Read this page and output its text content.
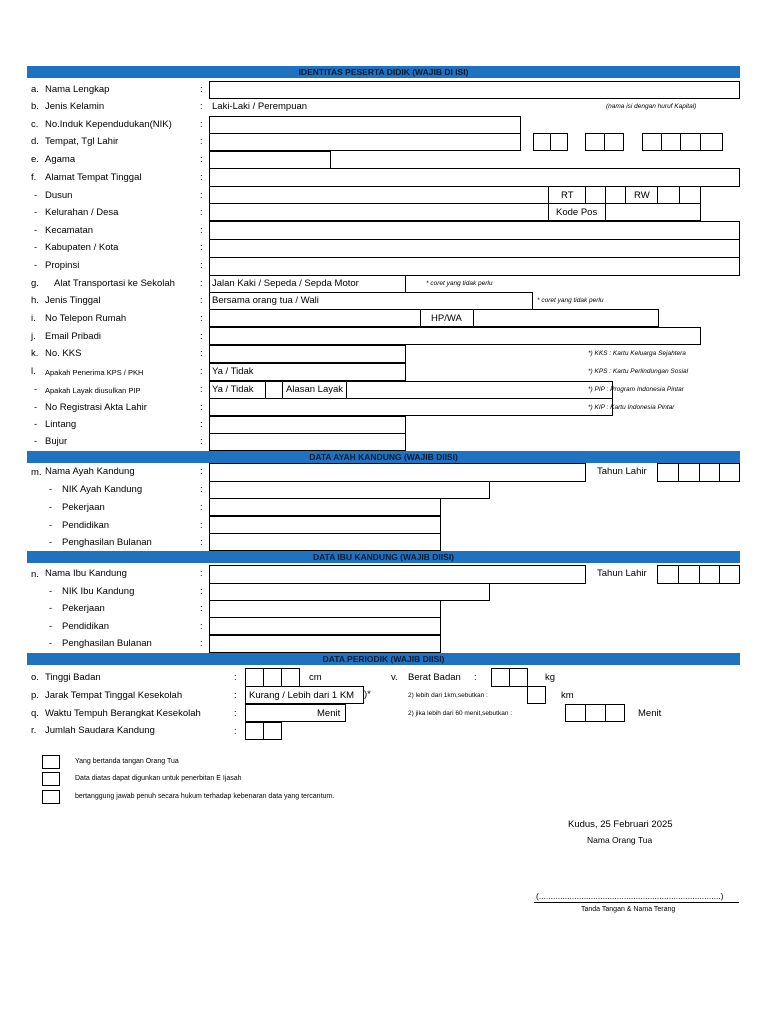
IDENTITAS PESERTA DIDIK (WAJIB DI ISI)
a. Nama Lengkap	:
b. Jenis Kelamin	: Laki-Laki / Perempuan	(nama isi dengan huruf Kapital)
c. No.Induk Kependudukan(NIK)	:
d. Tempat, Tgl Lahir	:
e. Agama	:
f. Alamat Tempat Tinggal	:
- Dusun	:	RT	RW
- Kelurahan / Desa	:	Kode Pos
- Kecamatan	:
- Kabupaten / Kota	:
- Propinsi	:
g. Alat Transportasi ke Sekolah	: Jalan Kaki / Sepeda / Sepda Motor	* coret yang tidak perlu
h. Jenis Tinggal	: Bersama orang tua / Wali	* coret yang tidak perlu
i. No Telepon Rumah	:	HP/WA
j. Email Pribadi	:
k. No. KKS	:	*) KKS : Kartu Keluarga Sejahtera
l. Apakah Penerima KPS / PKH	: Ya / Tidak	*) KPS : Kartu Perlindungan Sosial
- Apakah Layak diusulkan PIP	: Ya / Tidak	Alasan Layak	*) PIP : Program Indonesia Pintar
- No Registrasi Akta Lahir	:	*) KIP : Kartu Indonesia Pintar
- Lintang	:
- Bujur	:
DATA AYAH KANDUNG (WAJIB DIISI)
m. Nama Ayah Kandung	:	Tahun Lahir
- NIK Ayah Kandung	:
- Pekerjaan	:
- Pendidikan	:
- Penghasilan Bulanan	:
DATA IBU KANDUNG (WAJIB DIISI)
n. Nama Ibu Kandung	:	Tahun Lahir
- NIK Ibu Kandung	:
- Pekerjaan	:
- Pendidikan	:
- Penghasilan Bulanan	:
DATA PERIODIK (WAJIB DIISI)
o. Tinggi Badan	:	cm	v. Berat Badan :	kg
p. Jarak Tempat Tinggal Kesekolah	: Kurang / Lebih dari 1 KM )*	2) lebih dari 1km,sebutkan :	km
q. Waktu Tempuh Berangkat Kesekolah	:	Menit	2) jika lebih dari 60 menit,sebutkan :	Menit
r. Jumlah Saudara Kandung	:
Yang bertanda tangan Orang Tua
Data diatas dapat digunkan untuk penerbitan E Ijasah
bertanggung jawab penuh secara hukum terhadap kebenaran data yang tercantum.
Kudus, 25 Februari 2025
Nama Orang Tua
(.............................................................................)
Tanda Tangan & Nama Terang
